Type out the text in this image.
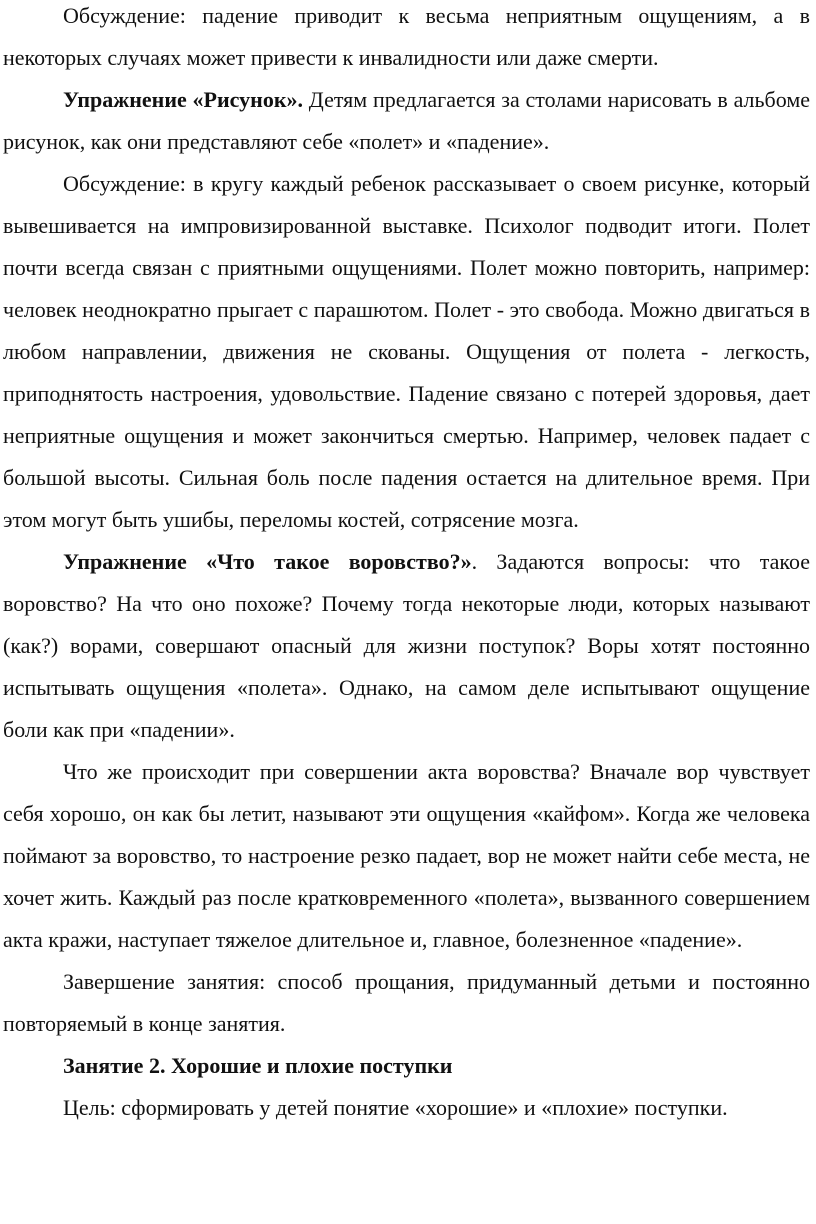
Обсуждение: падение приводит к весьма неприятным ощущениям, а в некоторых случаях может привести к инвалидности или даже смерти.

Упражнение «Рисунок». Детям предлагается за столами нарисовать в альбоме рисунок, как они представляют себе «полет» и «падение».

Обсуждение: в кругу каждый ребенок рассказывает о своем рисунке, который вывешивается на импровизированной выставке. Психолог подводит итоги. Полет почти всегда связан с приятными ощущениями. Полет можно повторить, например: человек неоднократно прыгает с парашютом. Полет - это свобода. Можно двигаться в любом направлении, движения не скованы. Ощущения от полета - легкость, приподнятость настроения, удовольствие. Падение связано с потерей здоровья, дает неприятные ощущения и может закончиться смертью. Например, человек падает с большой высоты. Сильная боль после падения остается на длительное время. При этом могут быть ушибы, переломы костей, сотрясение мозга.

Упражнение «Что такое воровство?». Задаются вопросы: что такое воровство? На что оно похоже? Почему тогда некоторые люди, которых называют (как?) ворами, совершают опасный для жизни поступок? Воры хотят постоянно испытывать ощущения «полета». Однако, на самом деле испытывают ощущение боли как при «падении».

Что же происходит при совершении акта воровства? Вначале вор чувствует себя хорошо, он как бы летит, называют эти ощущения «кайфом». Когда же человека поймают за воровство, то настроение резко падает, вор не может найти себе места, не хочет жить. Каждый раз после кратковременного «полета», вызванного совершением акта кражи, наступает тяжелое длительное и, главное, болезненное «падение».

Завершение занятия: способ прощания, придуманный детьми и постоянно повторяемый в конце занятия.

Занятие 2. Хорошие и плохие поступки

Цель: сформировать у детей понятие «хорошие» и «плохие» поступки.
